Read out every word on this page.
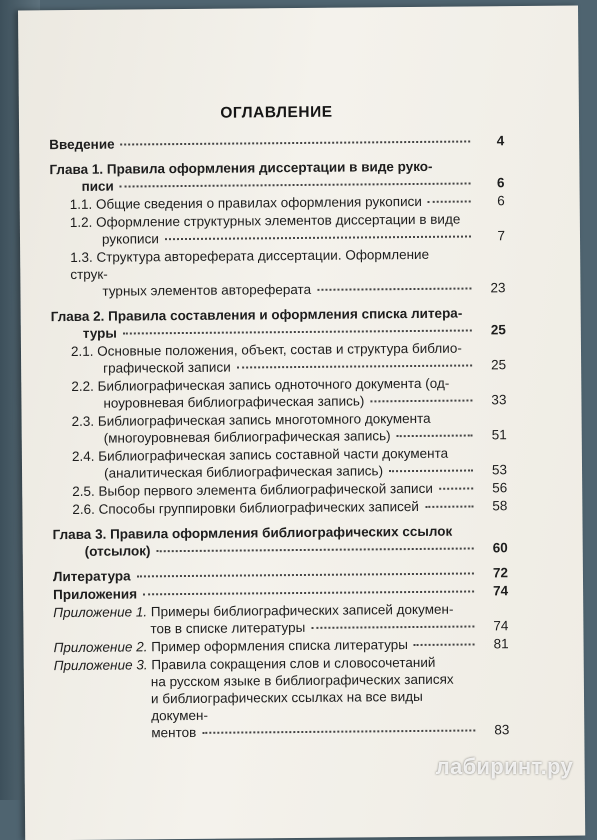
ОГЛАВЛЕНИЕ
Введение	4
Глава 1. Правила оформления диссертации в виде руко-
писи	6
1.1. Общие сведения о правилах оформления рукописи	6
1.2. Оформление структурных элементов диссертации в виде
рукописи	7
1.3. Структура автореферата диссертации. Оформление струк-
турных элементов автореферата	23
Глава 2. Правила составления и оформления списка литера-
туры	25
2.1. Основные положения, объект, состав и структура библио-
графической записи	25
2.2. Библиографическая запись одноточного документа (од-
ноуровневая библиографическая запись)	33
2.3. Библиографическая запись многотомного документа
(многоуровневая библиографическая запись)	51
2.4. Библиографическая запись составной части документа
(аналитическая библиографическая запись)	53
2.5. Выбор первого элемента библиографической записи	56
2.6. Способы группировки библиографических записей	58
Глава 3. Правила оформления библиографических ссылок
(отсылок)	60
Литература	72
Приложения	74
Приложение 1. Примеры библиографических записей докумен-
тов в списке литературы	74
Приложение 2. Пример оформления списка литературы	81
Приложение 3. Правила сокращения слов и словосочетаний
на русском языке в библиографических записях
и библиографических ссылках на все виды докумен-
ментов	83
лабиринт.ру
